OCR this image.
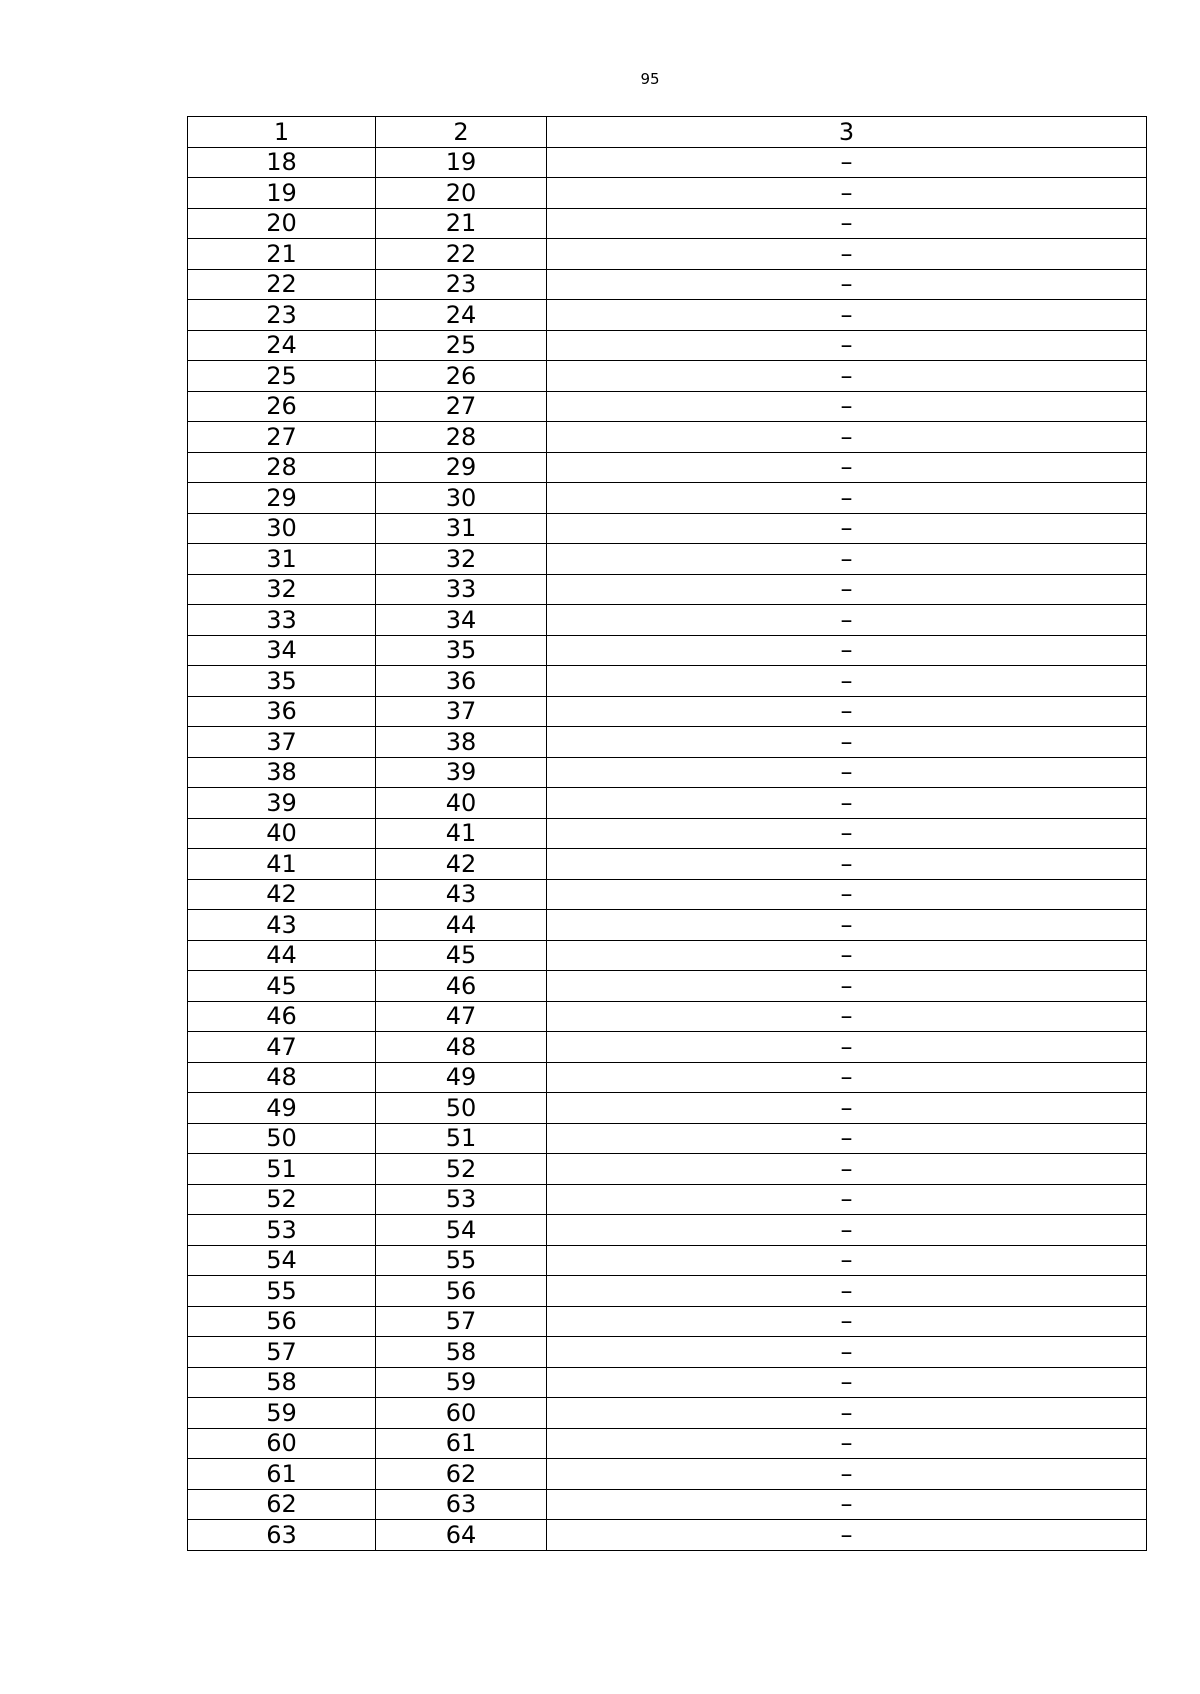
95
1	2	3
18	19	–
19	20	–
20	21	–
21	22	–
22	23	–
23	24	–
24	25	–
25	26	–
26	27	–
27	28	–
28	29	–
29	30	–
30	31	–
31	32	–
32	33	–
33	34	–
34	35	–
35	36	–
36	37	–
37	38	–
38	39	–
39	40	–
40	41	–
41	42	–
42	43	–
43	44	–
44	45	–
45	46	–
46	47	–
47	48	–
48	49	–
49	50	–
50	51	–
51	52	–
52	53	–
53	54	–
54	55	–
55	56	–
56	57	–
57	58	–
58	59	–
59	60	–
60	61	–
61	62	–
62	63	–
63	64	–
